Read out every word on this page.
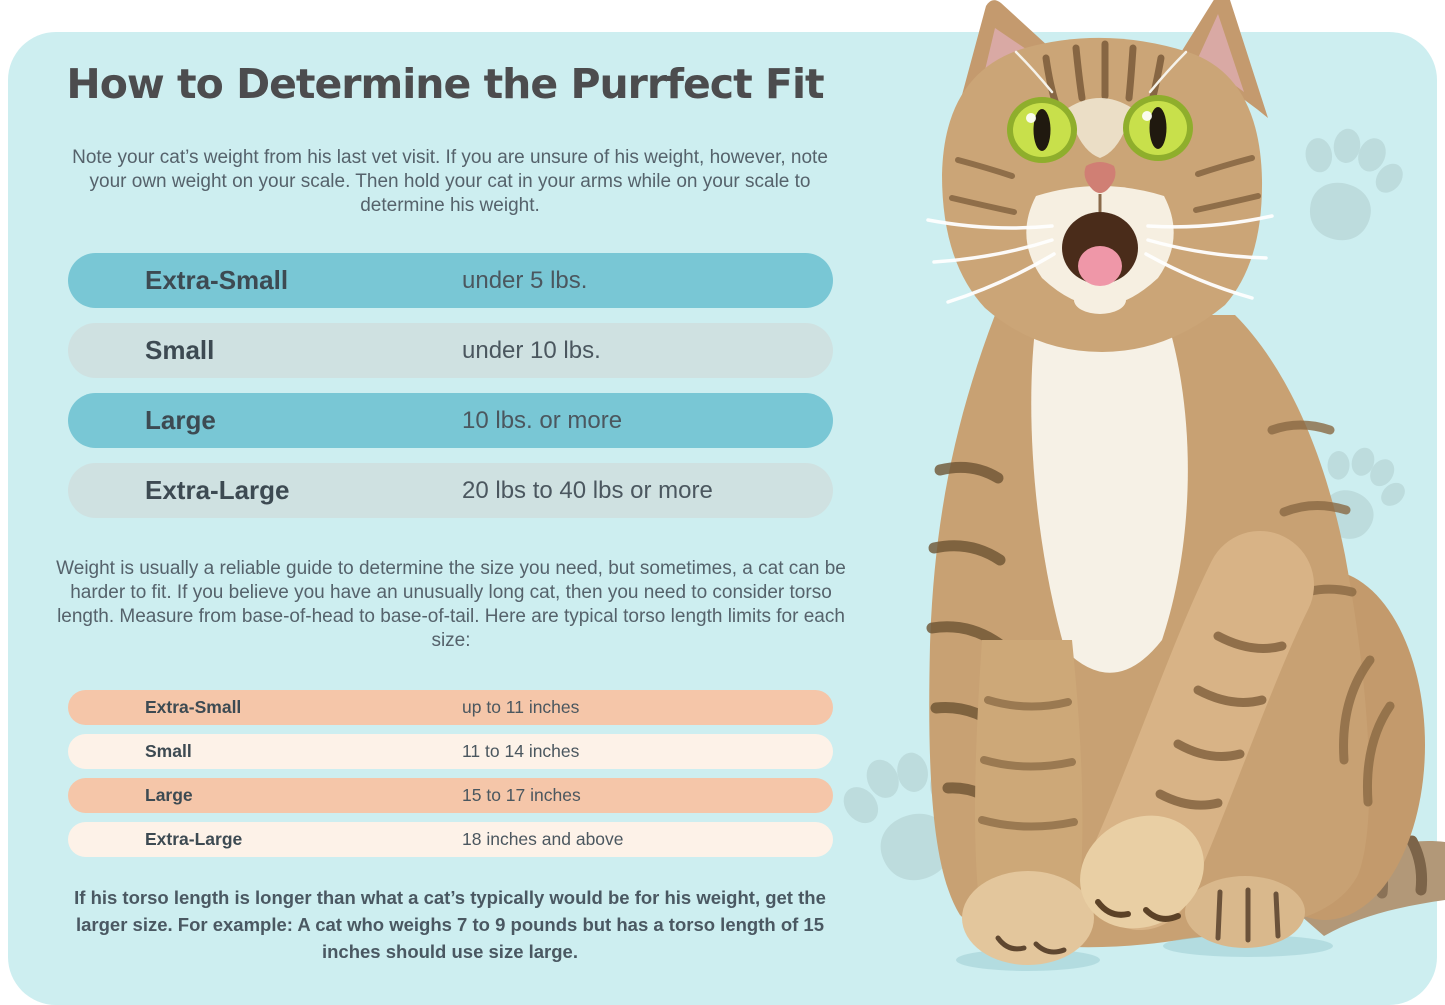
How to Determine the Purrfect Fit

Note your cat’s weight from his last vet visit. If you are unsure of his weight, however, note your own weight on your scale. Then hold your cat in your arms while on your scale to determine his weight.

Extra-Small	under 5 lbs.
Small	under 10 lbs.
Large	10 lbs. or more
Extra-Large	20 lbs to 40 lbs or more

Weight is usually a reliable guide to determine the size you need, but sometimes, a cat can be harder to fit. If you believe you have an unusually long cat, then you need to consider torso length. Measure from base-of-head to base-of-tail. Here are typical torso length limits for each size:

Extra-Small	up to 11 inches
Small	11 to 14 inches
Large	15 to 17 inches
Extra-Large	18 inches and above

If his torso length is longer than what a cat’s typically would be for his weight, get the larger size. For example: A cat who weighs 7 to 9 pounds but has a torso length of 15 inches should use size large.
